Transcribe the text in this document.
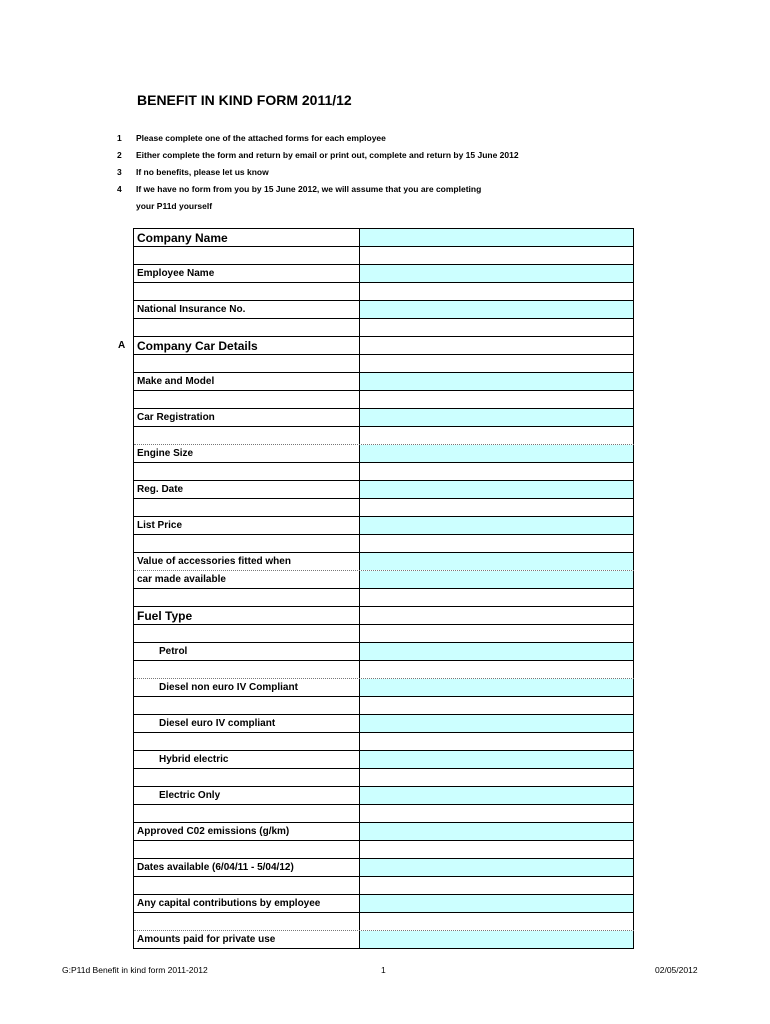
BENEFIT IN KIND FORM 2011/12
1	Please complete one of the attached forms for each employee
2	Either complete the form and return by email or print out, complete and return by 15 June 2012
3	If no benefits, please let us know
4	If we have no form from you by 15 June 2012, we will assume that you are completing
your P11d yourself
Company Name
Employee Name
National Insurance No.
A Company Car Details
Make and Model
Car Registration
Engine Size
Reg. Date
List Price
Value of accessories fitted when
car made available
Fuel Type
Petrol
Diesel non euro IV Compliant
Diesel euro IV compliant
Hybrid electric
Electric Only
Approved C02 emissions (g/km)
Dates available (6/04/11 - 5/04/12)
Any capital contributions by employee
Amounts paid for private use
G:P11d Benefit in kind form 2011-2012	1	02/05/2012
